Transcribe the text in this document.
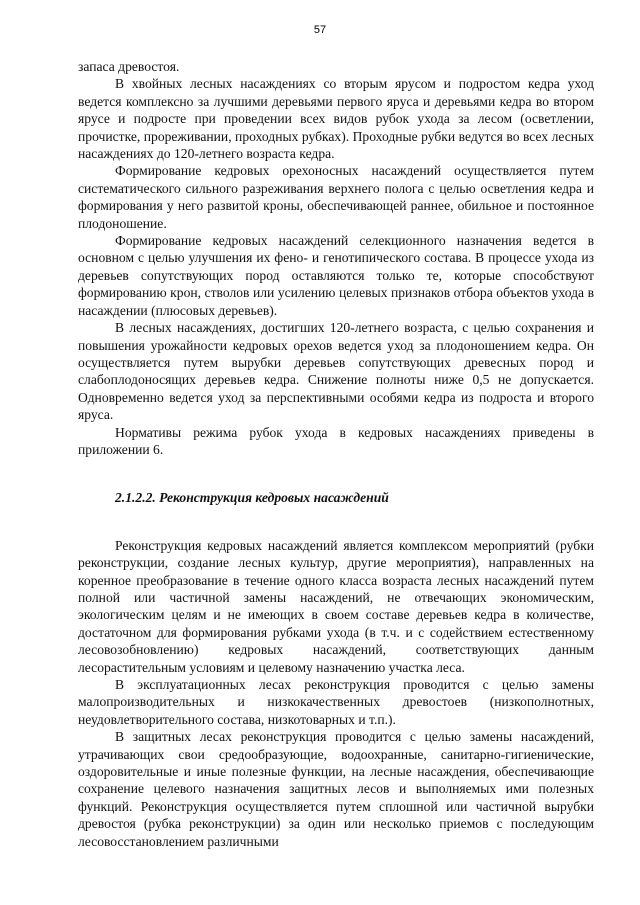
57

запаса древостоя.

В хвойных лесных насаждениях со вторым ярусом и подростом кедра уход ведется комплексно за лучшими деревьями первого яруса и деревьями кедра во втором ярусе и подросте при проведении всех видов рубок ухода за лесом (осветлении, прочистке, прореживании, проходных рубках). Проходные рубки ведутся во всех лесных насаждениях до 120-летнего возраста кедра.

Формирование кедровых орехоносных насаждений осуществляется путем систематического сильного разреживания верхнего полога с целью осветления кедра и формирования у него развитой кроны, обеспечивающей раннее, обильное и постоянное плодоношение.

Формирование кедровых насаждений селекционного назначения ведется в основном с целью улучшения их фено- и генотипического состава. В процессе ухода из деревьев сопутствующих пород оставляются только те, которые способствуют формированию крон, стволов или усилению целевых признаков отбора объектов ухода в насаждении (плюсовых деревьев).

В лесных насаждениях, достигших 120-летнего возраста, с целью сохранения и повышения урожайности кедровых орехов ведется уход за плодоношением кедра. Он осуществляется путем вырубки деревьев сопутствующих древесных пород и слабоплодоносящих деревьев кедра. Снижение полноты ниже 0,5 не допускается. Одновременно ведется уход за перспективными особями кедра из подроста и второго яруса.

Нормативы режима рубок ухода в кедровых насаждениях приведены в приложении 6.

2.1.2.2. Реконструкция кедровых насаждений

Реконструкция кедровых насаждений является комплексом мероприятий (рубки реконструкции, создание лесных культур, другие мероприятия), направленных на коренное преобразование в течение одного класса возраста лесных насаждений путем полной или частичной замены насаждений, не отвечающих экономическим, экологическим целям и не имеющих в своем составе деревьев кедра в количестве, достаточном для формирования рубками ухода (в т.ч. и с содействием естественному лесовозобновлению) кедровых насаждений, соответствующих данным лесорастительным условиям и целевому назначению участка леса.

В эксплуатационных лесах реконструкция проводится с целью замены малопроизводительных и низкокачественных древостоев (низкополнотных, неудовлетворительного состава, низкотоварных и т.п.).

В защитных лесах реконструкция проводится с целью замены насаждений, утрачивающих свои средообразующие, водоохранные, санитарно-гигиенические, оздоровительные и иные полезные функции, на лесные насаждения, обеспечивающие сохранение целевого назначения защитных лесов и выполняемых ими полезных функций. Реконструкция осуществляется путем сплошной или частичной вырубки древостоя (рубка реконструкции) за один или несколько приемов с последующим лесовосстановлением различными
